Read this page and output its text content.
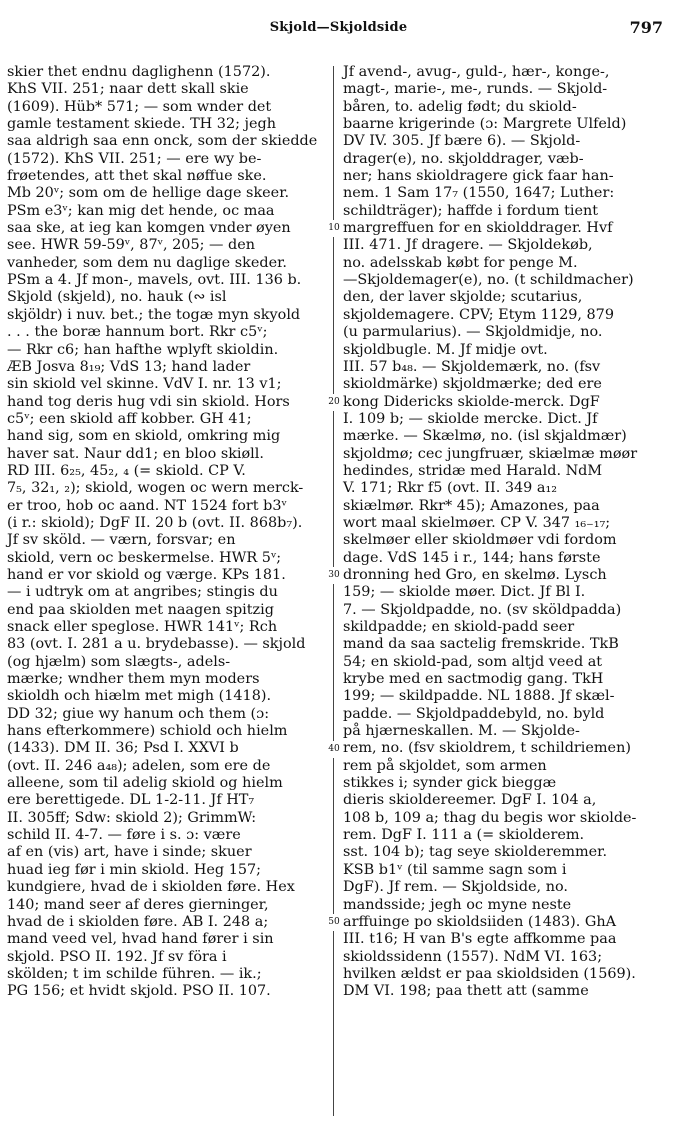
Skjold—Skjoldside	797
skier thet endnu daglighenn (1572).
KhS VII. 251; naar dett skall skie
(1609). Hüb* 571; — som wnder det
gamle testament skiede. TH 32; jegh
saa aldrigh saa enn onck, som der skiedde
(1572). KhS VII. 251; — ere wy be-
frøetendes, att thet skal nøffue ske.
Mb 20ᵛ; som om de hellige dage skeer.
PSm e3ᵛ; kan mig det hende, oc maa
saa ske, at ieg kan komgen vnder øyen
see. HWR 59-59ᵛ, 87ᵛ, 205; — den
vanheder, som dem nu daglige skeder.
PSm a 4. Jf mon-, mavels, ovt. III. 136 b.
Skjold (skjeld), no. hauk (∾ isl
skjöldr) i nuv. bet.; the togæ myn skyold
. . . the boræ hannum bort. Rkr c5ᵛ;
— Rkr c6; han hafthe wplyft skioldin.
ÆB Josva 8₁₉; VdS 13; hand lader
sin skiold vel skinne. VdV I. nr. 13 v1;
hand tog deris hug vdi sin skiold. Hors
c5ᵛ; een skiold aff kobber. GH 41;
hand sig, som en skiold, omkring mig
haver sat. Naur dd1; en bloo skiøll.
RD III. 6₂₅, 45₂, ₄ (= skiold. CP V.
7₅, 32₁, ₂); skiold, wogen oc wern merck-
er troo, hob oc aand. NT 1524 fort b3ᵛ
(i r.: skiold); DgF II. 20 b (ovt. II. 868b₇).
Jf sv sköld. — værn, forsvar; en
skiold, vern oc beskermelse. HWR 5ᵛ;
hand er vor skiold og værge. KPs 181.
— i udtryk om at angribes; stingis du
end paa skiolden met naagen spitzig
snack eller speglose. HWR 141ᵛ; Rch
83 (ovt. I. 281 a u. brydebasse). — skjold
(og hjælm) som slægts-, adels-
mærke; wndher them myn moders
skioldh och hiælm met migh (1418).
DD 32; giue wy hanum och them (ɔ:
hans efterkommere) schiold och hielm
(1433). DM II. 36; Psd I. XXVI b
(ovt. II. 246 a₄₈); adelen, som ere de
alleene, som til adelig skiold og hielm
ere berettigede. DL 1-2-11. Jf HT₇
II. 305ff; Sdw: skiold 2); GrimmW:
schild II. 4-7. — føre i s. ɔ: være
af en (vis) art, have i sinde; skuer
huad ieg før i min skiold. Heg 157;
kundgiere, hvad de i skiolden føre. Hex
140; mand seer af deres gierninger,
hvad de i skiolden føre. AB I. 248 a;
mand veed vel, hvad hand fører i sin
skjold. PSO II. 192. Jf sv föra i
skölden; t im schilde führen. — ik.;
PG 156; et hvidt skjold. PSO II. 107.
10
20
30
40
50
Jf avend-, avug-, guld-, hær-, konge-,
magt-, marie-, me-, runds. — Skjold-
båren, to. adelig født; du skiold-
baarne krigerinde (ɔ: Margrete Ulfeld)
DV IV. 305. Jf bære 6). — Skjold-
drager(e), no. skjolddrager, væb-
ner; hans skioldragere gick faar han-
nem. 1 Sam 17₇ (1550, 1647; Luther:
schildträger); haffde i fordum tient
margreffuen for en skiolddrager. Hvf
III. 471. Jf dragere. — Skjoldekøb,
no. adelsskab købt for penge M.
—Skjoldemager(e), no. (t schildmacher)
den, der laver skjolde; scutarius,
skjoldemagere. CPV; Etym 1129, 879
(u parmularius). — Skjoldmidje, no.
skjoldbugle. M. Jf midje ovt.
III. 57 b₄₈. — Skjoldemærk, no. (fsv
skioldmärke) skjoldmærke; ded ere
kong Didericks skiolde-merck. DgF
I. 109 b; — skiolde mercke. Dict. Jf
mærke. — Skælmø, no. (isl skjaldmær)
skjoldmø; cec jungfruær, skiælmæ møør
hedindes, stridæ med Harald. NdM
V. 171; Rkr f5 (ovt. II. 349 a₁₂
skiælmør. Rkr* 45); Amazones, paa
wort maal skielmøer. CP V. 347 ₁₆₋₁₇;
skelmøer eller skioldmøer vdi fordom
dage. VdS 145 i r., 144; hans første
dronning hed Gro, en skelmø. Lysch
159; — skiolde møer. Dict. Jf Bl I.
7. — Skjoldpadde, no. (sv sköldpadda)
skildpadde; en skiold-padd seer
mand da saa sactelig fremskride. TkB
54; en skiold-pad, som altjd veed at
krybe med en sactmodig gang. TkH
199; — skildpadde. NL 1888. Jf skæl-
padde. — Skjoldpaddebyld, no. byld
på hjærneskallen. M. — Skjolde-
rem, no. (fsv skioldrem, t schildriemen)
rem på skjoldet, som armen
stikkes i; synder gick bieggæ
dieris skioldereemer. DgF I. 104 a,
108 b, 109 a; thag du begis wor skiolde-
rem. DgF I. 111 a (= skiolderem.
sst. 104 b); tag seye skiolderemmer.
KSB b1ᵛ (til samme sagn som i
DgF). Jf rem. — Skjoldside, no.
mandsside; jegh oc myne neste
arffuinge po skioldsiiden (1483). GhA
III. t16; H van B's egte affkomme paa
skioldssidenn (1557). NdM VI. 163;
hvilken ældst er paa skioldsiden (1569).
DM VI. 198; paa thett att (samme
